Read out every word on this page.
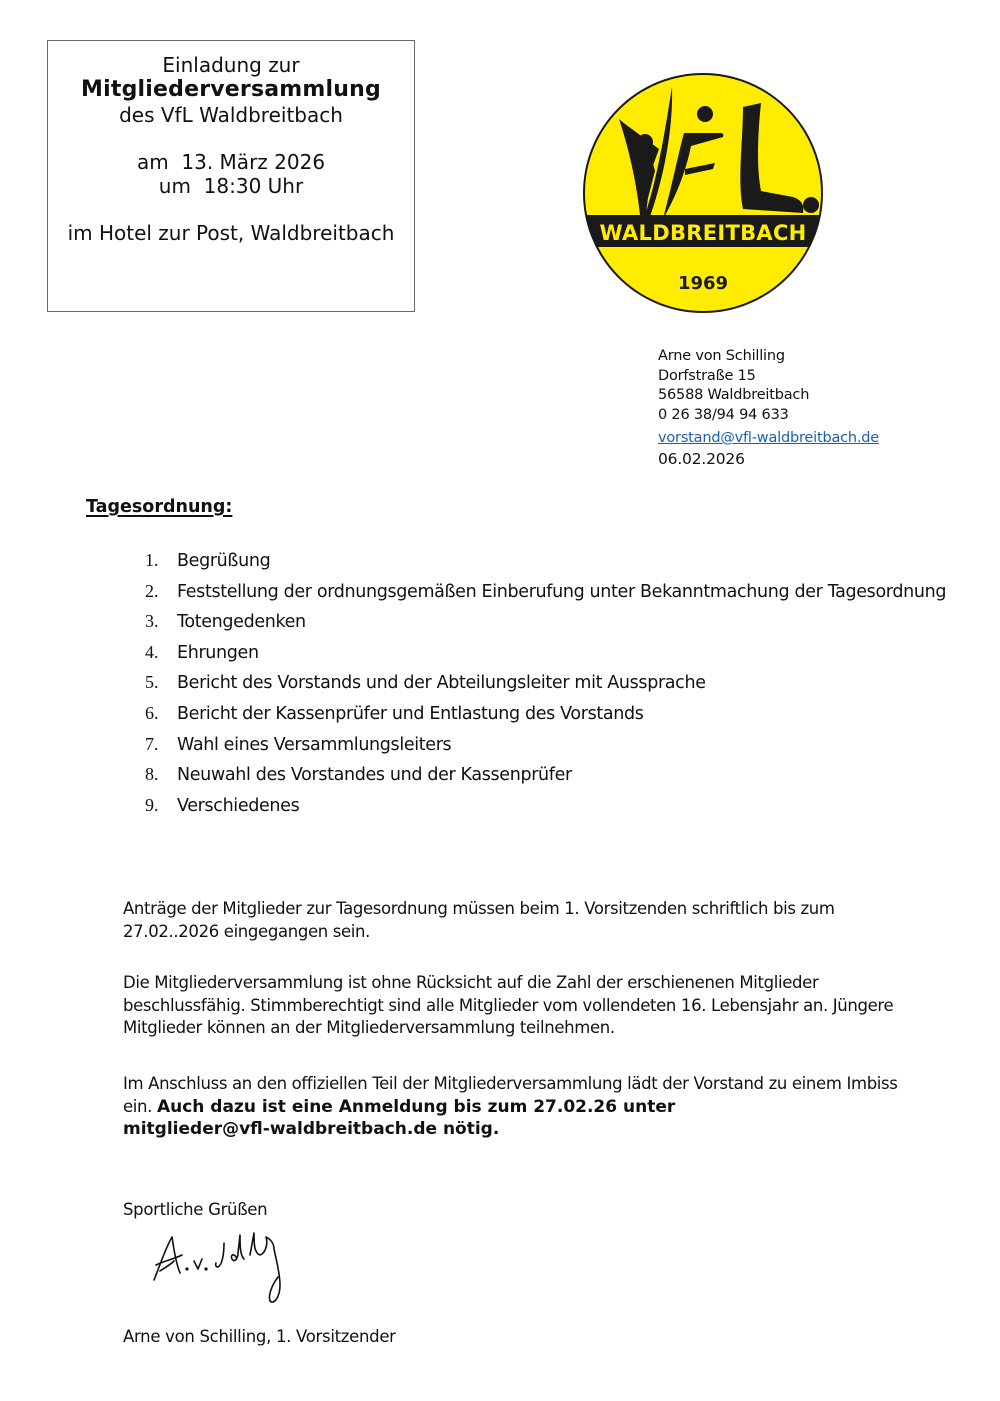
Einladung zur
Mitgliederversammlung
des VfL Waldbreitbach
am  13. März 2026
um  18:30 Uhr
im Hotel zur Post, Waldbreitbach	WALDBREITBACH
1969
Arne von Schilling
Dorfstraße 15
56588 Waldbreitbach
0 26 38/94 94 633
vorstand@vfl-waldbreitbach.de
06.02.2026
Tagesordnung:
1. Begrüßung
2. Feststellung der ordnungsgemäßen Einberufung unter Bekanntmachung der Tagesordnung
3. Totengedenken
4. Ehrungen
5. Bericht des Vorstands und der Abteilungsleiter mit Aussprache
6. Bericht der Kassenprüfer und Entlastung des Vorstands
7. Wahl eines Versammlungsleiters
8. Neuwahl des Vorstandes und der Kassenprüfer
9. Verschiedenes
Anträge der Mitglieder zur Tagesordnung müssen beim 1. Vorsitzenden schriftlich bis zum
27.02..2026 eingegangen sein.
Die Mitgliederversammlung ist ohne Rücksicht auf die Zahl der erschienenen Mitglieder
beschlussfähig. Stimmberechtigt sind alle Mitglieder vom vollendeten 16. Lebensjahr an. Jüngere
Mitglieder können an der Mitgliederversammlung teilnehmen.
Im Anschluss an den offiziellen Teil der Mitgliederversammlung lädt der Vorstand zu einem Imbiss
ein. Auch dazu ist eine Anmeldung bis zum 27.02.26 unter
mitglieder@vfl-waldbreitbach.de nötig.
Sportliche Grüßen
Arne von Schilling, 1. Vorsitzender
